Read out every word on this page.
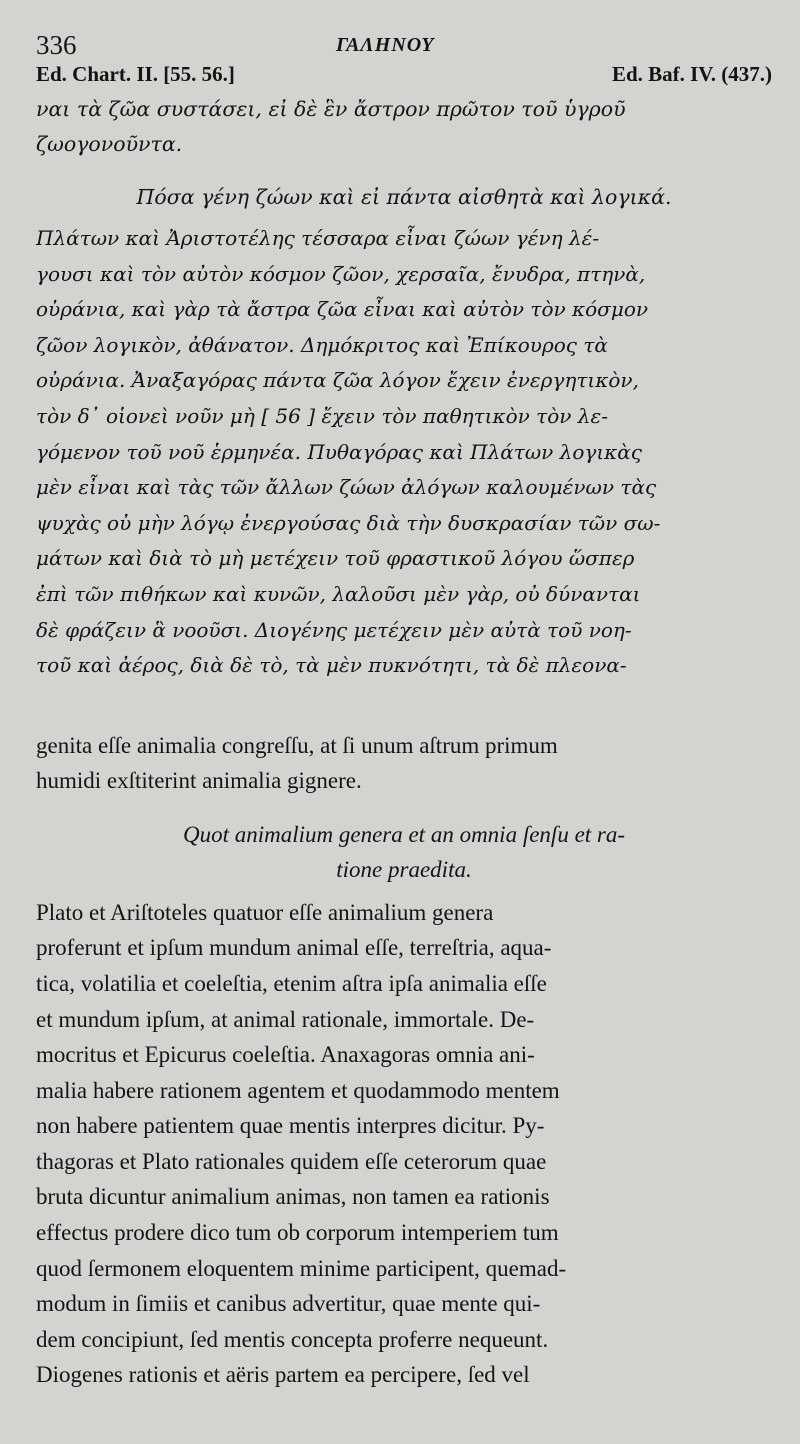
336	ΓΑΛΗΝΟΥ
Ed. Chart. II. [55. 56.]	Ed. Baf. IV. (437.)

ναι τὰ ζῶα συστάσει, εἰ δὲ ἓν ἄστρον πρῶτον τοῦ ὑγροῦ
ζωογονοῦντα.

Πόσα γένη ζώων καὶ εἰ πάντα αἰσθητὰ καὶ λογικά.

Πλάτων καὶ Ἀριστοτέλης τέσσαρα εἶναι ζώων γένη λέ-
γουσι καὶ τὸν αὐτὸν κόσμον ζῶον, χερσαῖα, ἔνυδρα, πτηνὰ,
οὐράνια, καὶ γὰρ τὰ ἄστρα ζῶα εἶναι καὶ αὐτὸν τὸν κόσμον
ζῶον λογικὸν, ἀθάνατον. Δημόκριτος καὶ Ἐπίκουρος τὰ
οὐράνια. Ἀναξαγόρας πάντα ζῶα λόγον ἔχειν ἐνεργητικὸν,
τὸν δ᾽ οἱονεὶ νοῦν μὴ [ 56 ] ἔχειν τὸν παθητικὸν τὸν λε-
γόμενον τοῦ νοῦ ἑρμηνέα. Πυθαγόρας καὶ Πλάτων λογικὰς
μὲν εἶναι καὶ τὰς τῶν ἄλλων ζώων ἀλόγων καλουμένων τὰς
ψυχὰς οὐ μὴν λόγῳ ἐνεργούσας διὰ τὴν δυσκρασίαν τῶν σω-
μάτων καὶ διὰ τὸ μὴ μετέχειν τοῦ φραστικοῦ λόγου ὥσπερ
ἐπὶ τῶν πιθήκων καὶ κυνῶν, λαλοῦσι μὲν γὰρ, οὐ δύνανται
δὲ φράζειν ἃ νοοῦσι. Διογένης μετέχειν μὲν αὐτὰ τοῦ νοη-
τοῦ καὶ ἀέρος, διὰ δὲ τὸ, τὰ μὲν πυκνότητι, τὰ δὲ πλεονα-

genita eſſe animalia congreſſu, at ſi unum aſtrum primum
humidi exſtiterint animalia gignere.

Quot animalium genera et an omnia ſenſu et ra-
tione praedita.

Plato et Ariſtoteles quatuor eſſe animalium genera
proferunt et ipſum mundum animal eſſe, terreſtria, aqua-
tica, volatilia et coeleſtia, etenim aſtra ipſa animalia eſſe
et mundum ipſum, at animal rationale, immortale. De-
mocritus et Epicurus coeleſtia. Anaxagoras omnia ani-
malia habere rationem agentem et quodammodo mentem
non habere patientem quae mentis interpres dicitur. Py-
thagoras et Plato rationales quidem eſſe ceterorum quae
bruta dicuntur animalium animas, non tamen ea rationis
effectus prodere dico tum ob corporum intemperiem tum
quod ſermonem eloquentem minime participent, quemad-
modum in ſimiis et canibus advertitur, quae mente qui-
dem concipiunt, ſed mentis concepta proferre nequeunt.
Diogenes rationis et aëris partem ea percipere, ſed vel
